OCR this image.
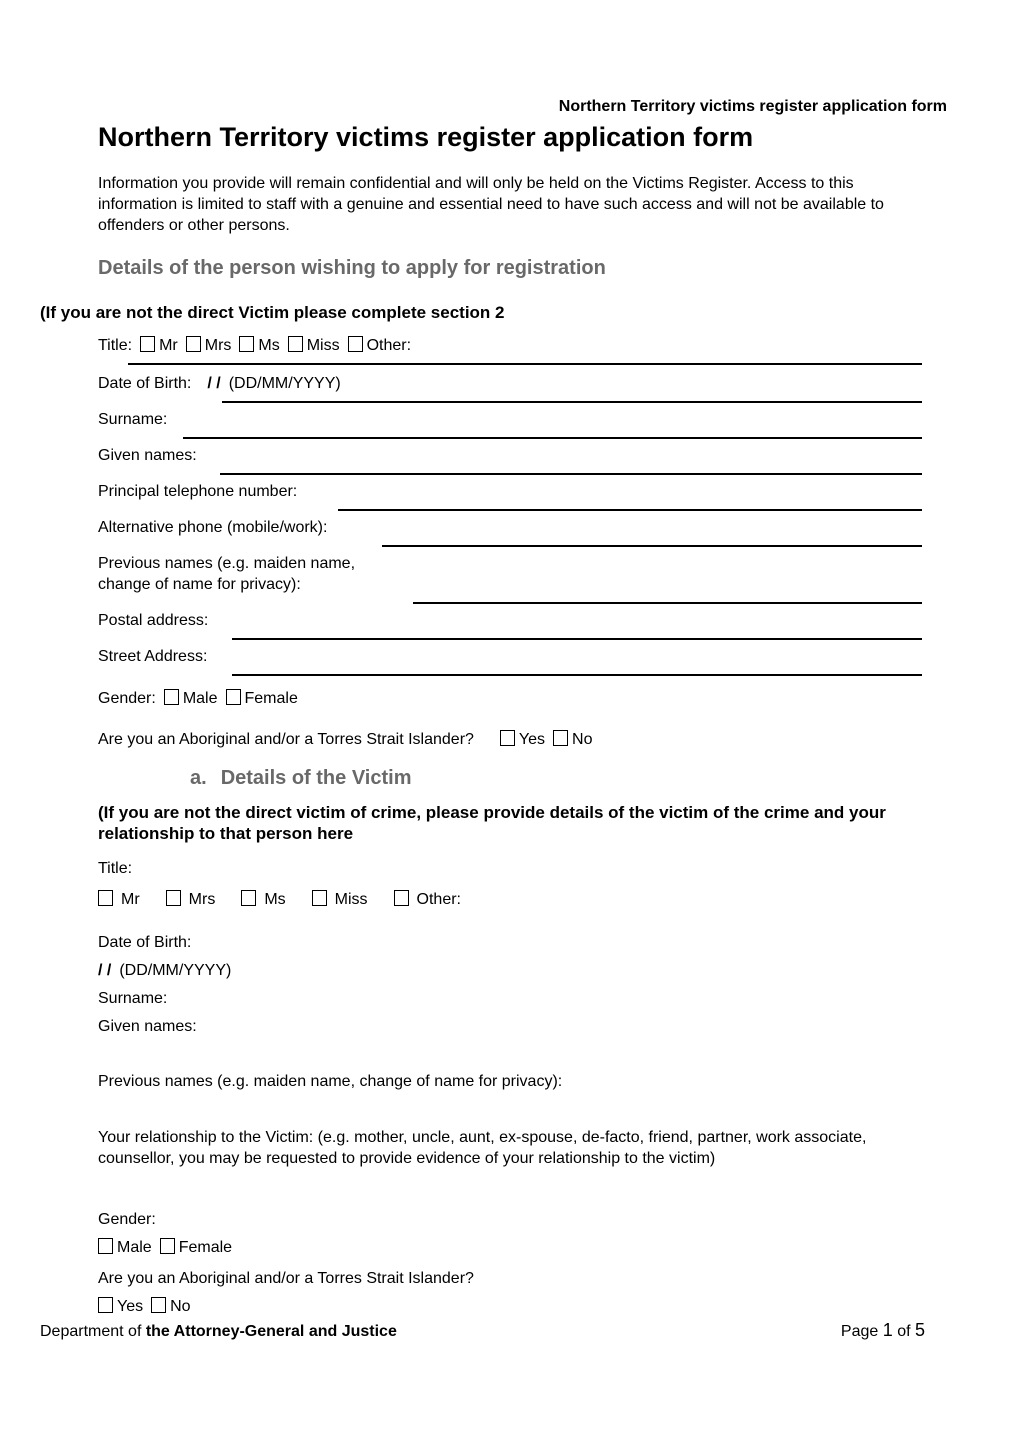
Northern Territory victims register application form
Northern Territory victims register application form

Information you provide will remain confidential and will only be held on the Victims Register. Access to this information is limited to staff with a genuine and essential need to have such access and will not be available to offenders or other persons.

Details of the person wishing to apply for registration

(If you are not the direct Victim please complete section 2

Title: Mr Mrs Ms Miss Other:
Date of Birth: / / (DD/MM/YYYY)
Surname:
Given names:
Principal telephone number:
Alternative phone (mobile/work):
Previous names (e.g. maiden name,
change of name for privacy):
Postal address:
Street Address:
Gender: Male Female
Are you an Aboriginal and/or a Torres Strait Islander?	Yes No
a. Details of the Victim

(If you are not the direct victim of crime, please provide details of the victim of the crime and your relationship to that person here

Title:
Mr	Mrs	Ms	Miss	Other:
Date of Birth:
/ / (DD/MM/YYYY)
Surname:
Given names:
Previous names (e.g. maiden name, change of name for privacy):
Your relationship to the Victim: (e.g. mother, uncle, aunt, ex-spouse, de-facto, friend, partner, work associate, counsellor, you may be requested to provide evidence of your relationship to the victim)
Gender:
Male Female
Are you an Aboriginal and/or a Torres Strait Islander?
Yes No
Department of the Attorney-General and Justice	Page 1 of 5
